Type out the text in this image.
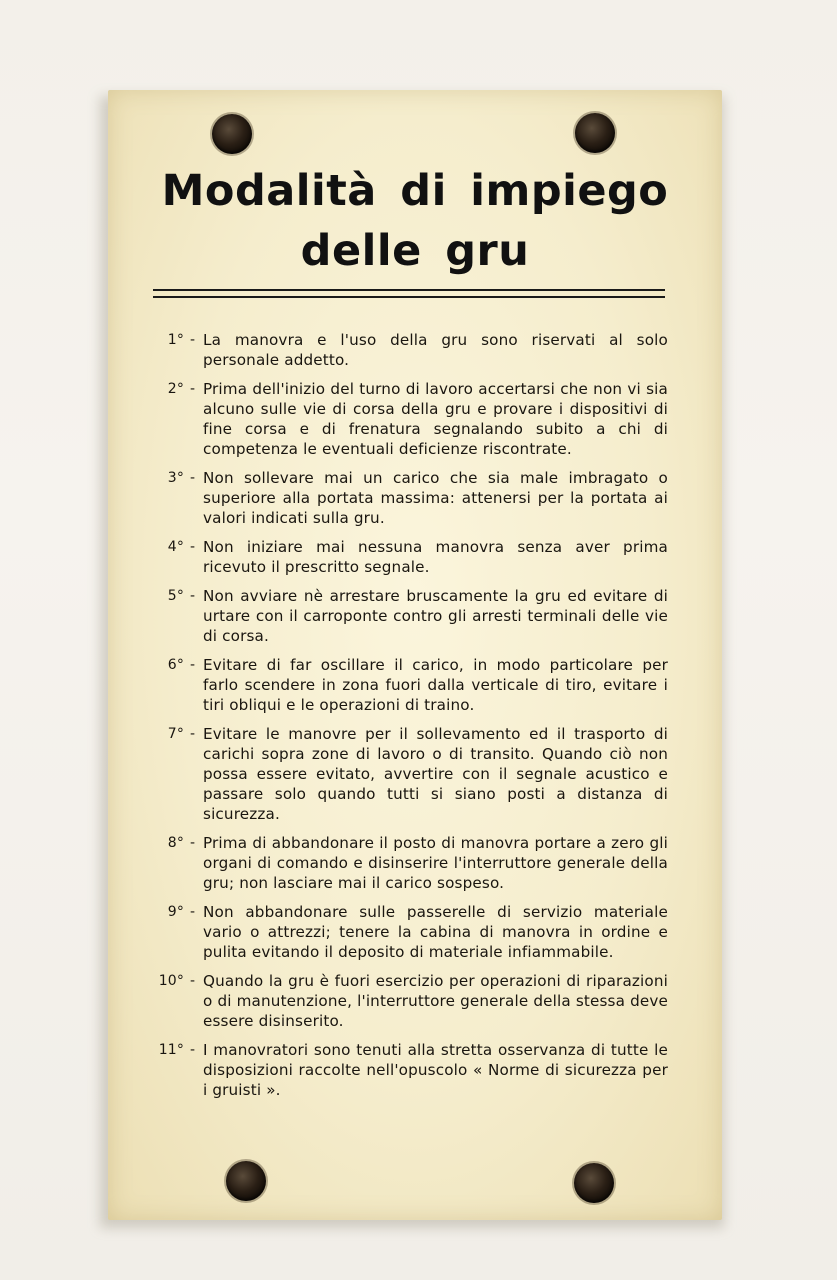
Modalità di impiego
delle gru
1° - La manovra e l'uso della gru sono riservati al solo personale addetto.
2° - Prima dell'inizio del turno di lavoro accertarsi che non vi sia alcuno sulle vie di corsa della gru e provare i dispositivi di fine corsa e di frenatura segnalando subito a chi di competenza le eventuali deficienze riscontrate.
3° - Non sollevare mai un carico che sia male imbragato o superiore alla portata massima: attenersi per la portata ai valori indicati sulla gru.
4° - Non iniziare mai nessuna manovra senza aver prima ricevuto il prescritto segnale.
5° - Non avviare nè arrestare bruscamente la gru ed evitare di urtare con il carroponte contro gli arresti terminali delle vie di corsa.
6° - Evitare di far oscillare il carico, in modo particolare per farlo scendere in zona fuori dalla verticale di tiro, evitare i tiri obliqui e le operazioni di traino.
7° - Evitare le manovre per il sollevamento ed il trasporto di carichi sopra zone di lavoro o di transito. Quando ciò non possa essere evitato, avvertire con il segnale acustico e passare solo quando tutti si siano posti a distanza di sicurezza.
8° - Prima di abbandonare il posto di manovra portare a zero gli organi di comando e disinserire l'interruttore generale della gru; non lasciare mai il carico sospeso.
9° - Non abbandonare sulle passerelle di servizio materiale vario o attrezzi; tenere la cabina di manovra in ordine e pulita evitando il deposito di materiale infiammabile.
10° - Quando la gru è fuori esercizio per operazioni di riparazioni o di manutenzione, l'interruttore generale della stessa deve essere disinserito.
11° - I manovratori sono tenuti alla stretta osservanza di tutte le disposizioni raccolte nell'opuscolo « Norme di sicurezza per i gruisti ».
